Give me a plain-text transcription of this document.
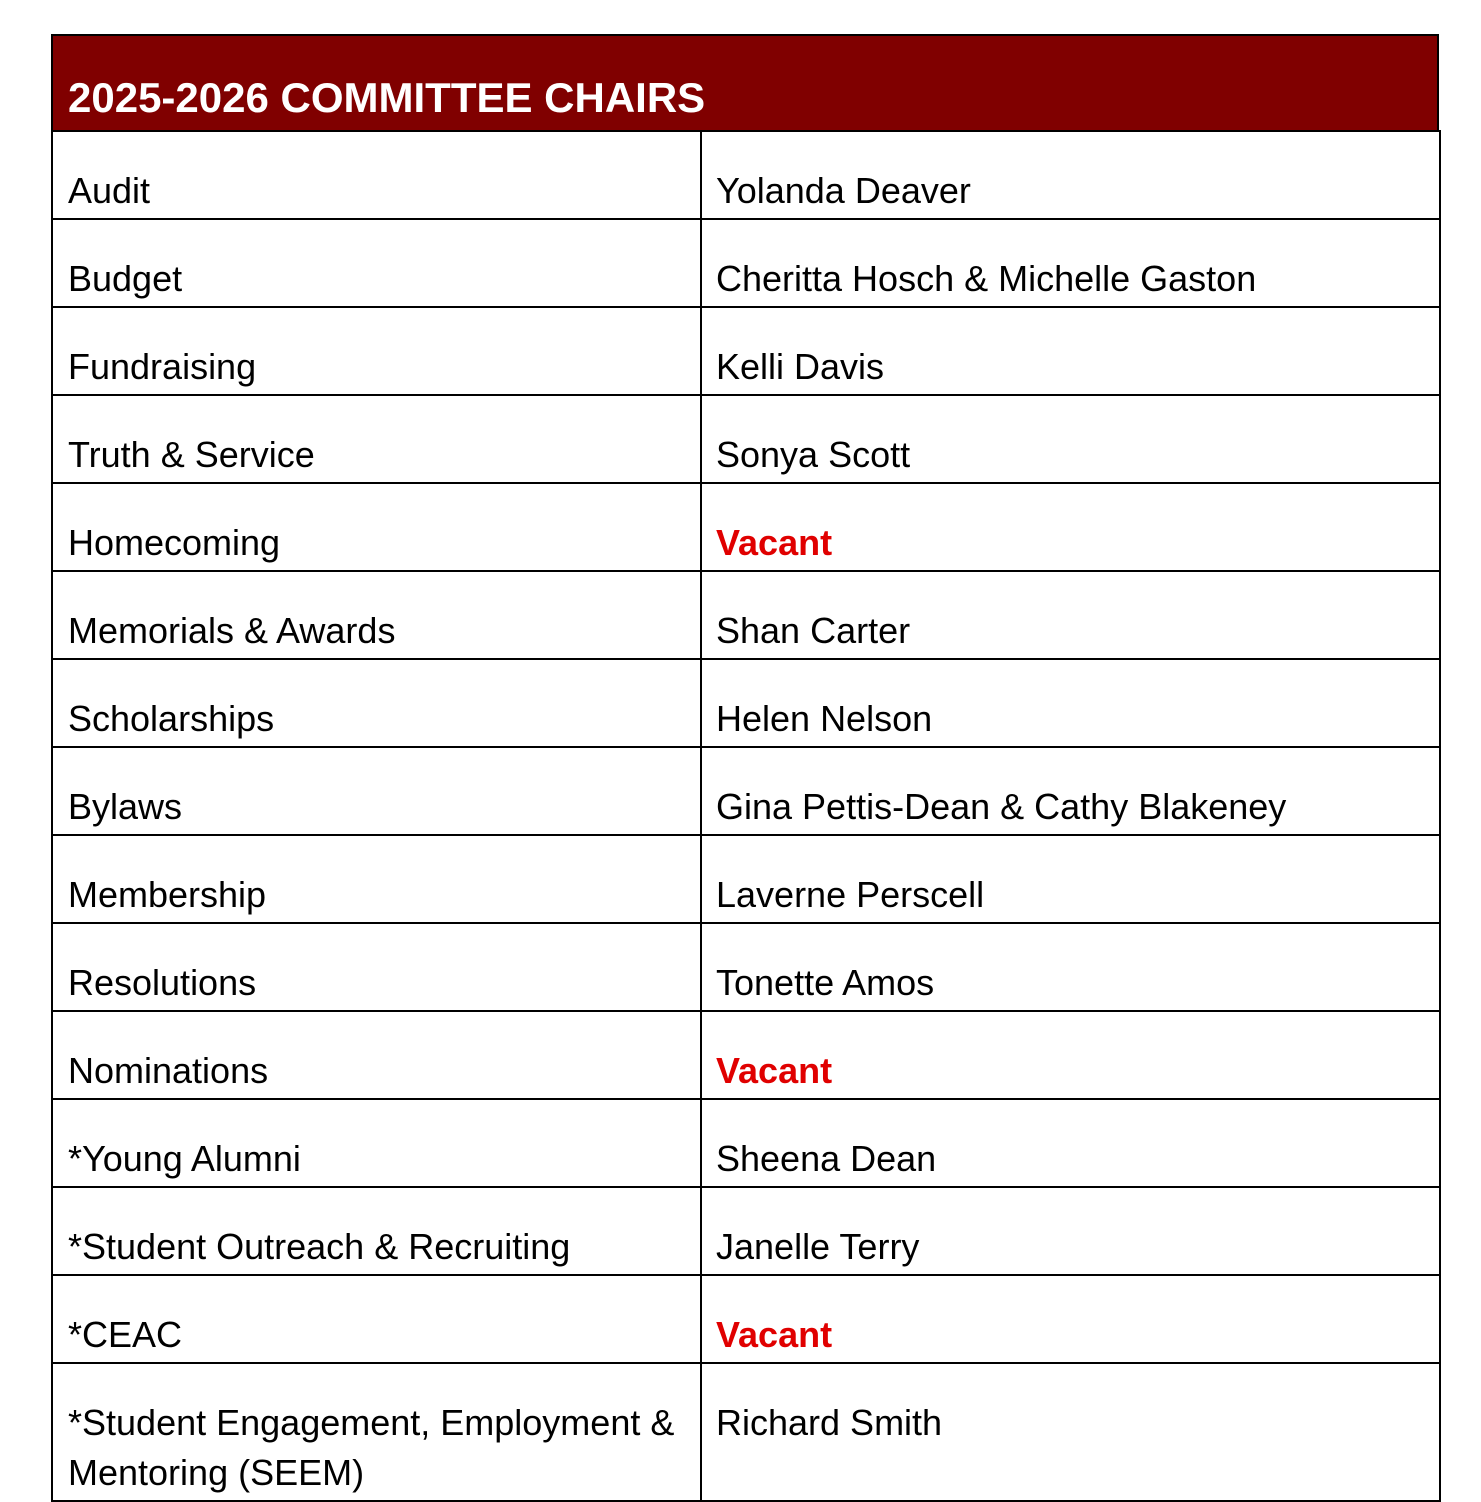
2025-2026 COMMITTEE CHAIRS
Audit	Yolanda Deaver
Budget	Cheritta Hosch & Michelle Gaston
Fundraising	Kelli Davis
Truth & Service	Sonya Scott
Homecoming	Vacant
Memorials & Awards	Shan Carter
Scholarships	Helen Nelson
Bylaws	Gina Pettis-Dean & Cathy Blakeney
Membership	Laverne Perscell
Resolutions	Tonette Amos
Nominations	Vacant
*Young Alumni	Sheena Dean
*Student Outreach & Recruiting	Janelle Terry
*CEAC	Vacant
*Student Engagement, Employment & Mentoring (SEEM)	Richard Smith
